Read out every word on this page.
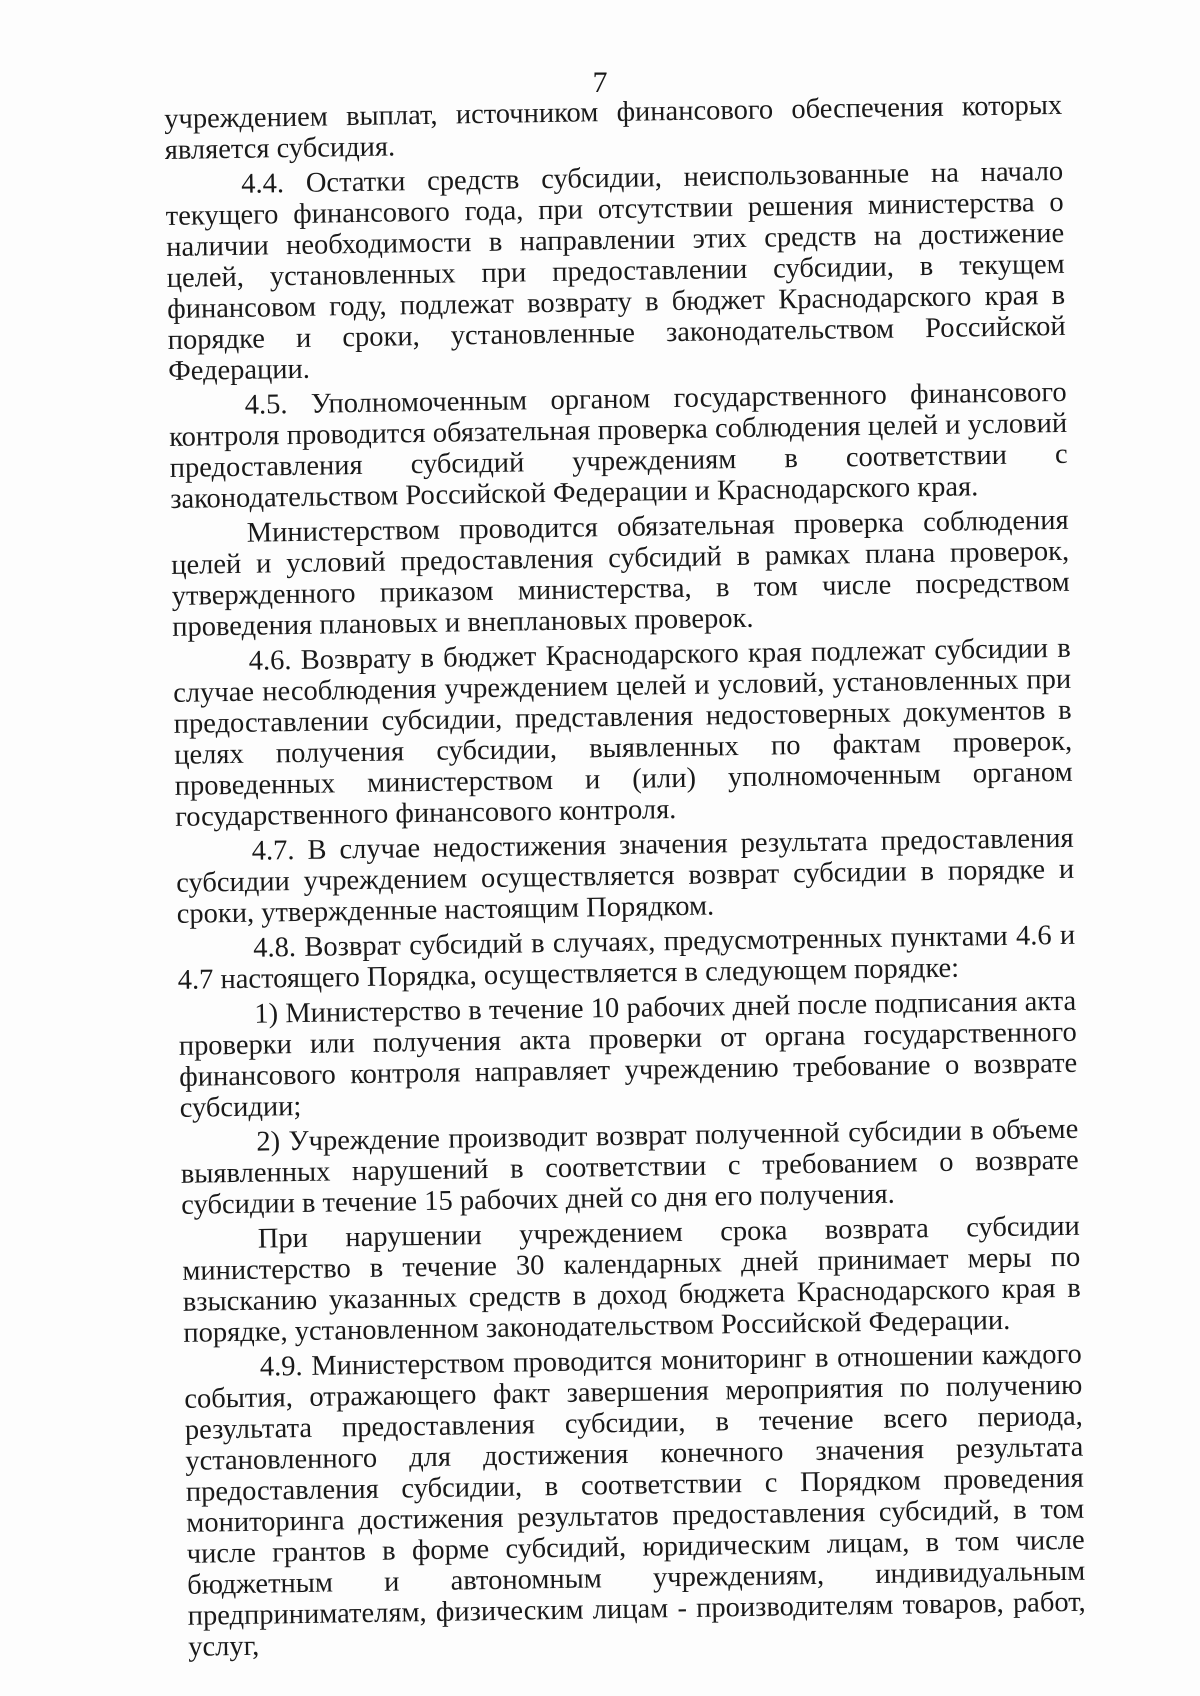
7

учреждением выплат, источником финансового обеспечения которых является субсидия.

4.4. Остатки средств субсидии, неиспользованные на начало текущего финансового года, при отсутствии решения министерства о наличии необходимости в направлении этих средств на достижение целей, установленных при предоставлении субсидии, в текущем финансовом году, подлежат возврату в бюджет Краснодарского края в порядке и сроки, установленные законодательством Российской Федерации.

4.5. Уполномоченным органом государственного финансового контроля проводится обязательная проверка соблюдения целей и условий предоставления субсидий учреждениям в соответствии с законодательством Российской Федерации и Краснодарского края.

Министерством проводится обязательная проверка соблюдения целей и условий предоставления субсидий в рамках плана проверок, утвержденного приказом министерства, в том числе посредством проведения плановых и внеплановых проверок.

4.6. Возврату в бюджет Краснодарского края подлежат субсидии в случае несоблюдения учреждением целей и условий, установленных при предоставлении субсидии, представления недостоверных документов в целях получения субсидии, выявленных по фактам проверок, проведенных министерством и (или) уполномоченным органом государственного финансового контроля.

4.7. В случае недостижения значения результата предоставления субсидии учреждением осуществляется возврат субсидии в порядке и сроки, утвержденные настоящим Порядком.

4.8. Возврат субсидий в случаях, предусмотренных пунктами 4.6 и 4.7 настоящего Порядка, осуществляется в следующем порядке:

1) Министерство в течение 10 рабочих дней после подписания акта проверки или получения акта проверки от органа государственного финансового контроля направляет учреждению требование о возврате субсидии;

2) Учреждение производит возврат полученной субсидии в объеме выявленных нарушений в соответствии с требованием о возврате субсидии в течение 15 рабочих дней со дня его получения.

При нарушении учреждением срока возврата субсидии министерство в течение 30 календарных дней принимает меры по взысканию указанных средств в доход бюджета Краснодарского края в порядке, установленном законодательством Российской Федерации.

4.9. Министерством проводится мониторинг в отношении каждого события, отражающего факт завершения мероприятия по получению результата предоставления субсидии, в течение всего периода, установленного для достижения конечного значения результата предоставления субсидии, в соответствии с Порядком проведения мониторинга достижения результатов предоставления субсидий, в том числе грантов в форме субсидий, юридическим лицам, в том числе бюджетным и автономным учреждениям, индивидуальным предпринимателям, физическим лицам - производителям товаров, работ, услуг,
